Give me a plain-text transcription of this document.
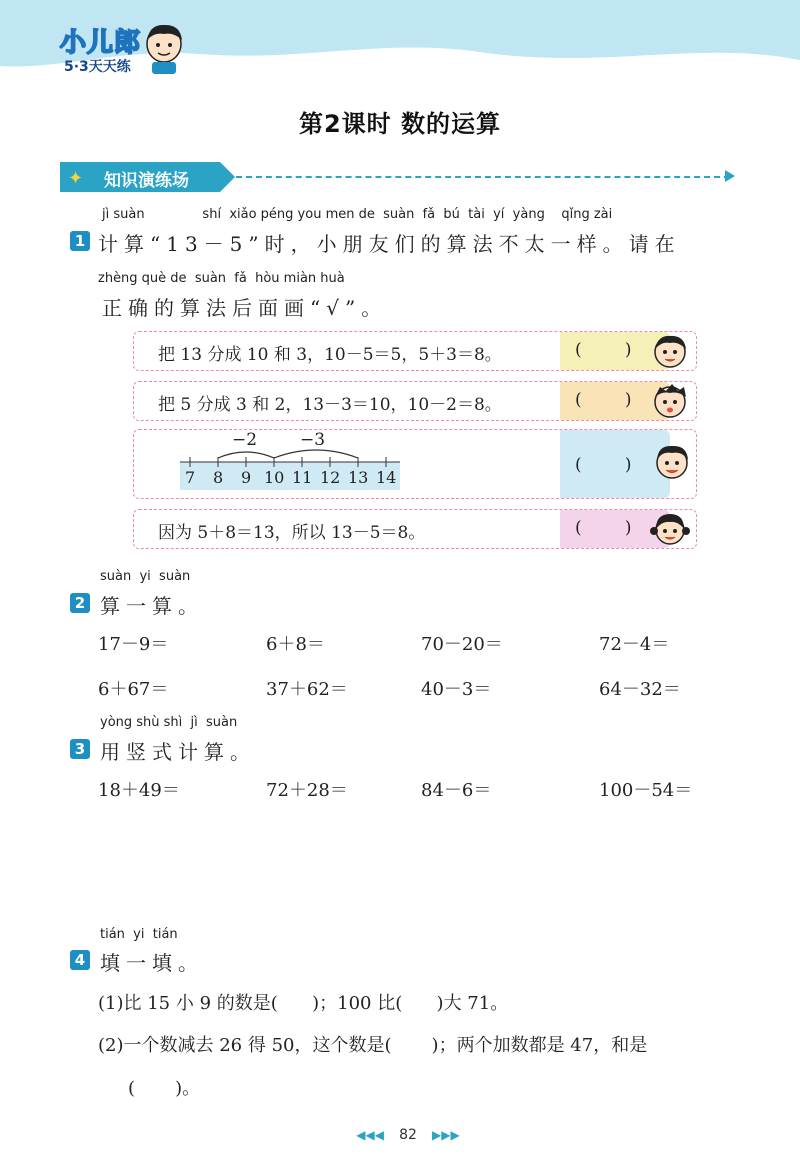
小儿郎
5·3天天练
第2课时 数的运算
✦ 知识演练场
jì suàn              shí  xiǎo péng you men de  suàn  fǎ  bú  tài  yí  yàng    qǐng zài
1 计算“13－5”时，小朋友们的算法不太一样。请在
zhèng què de  suàn  fǎ  hòu miàn huà
正确的算法后面画“√”。
把 13 分成 10 和 3，10－5＝5，5＋3＝8。	(        )
把 5 分成 3 和 2，13－3＝10，10－2＝8。	(        )
−2	−3
7 8 9 10 11 12 13 14
(        )
因为 5＋8＝13，所以 13－5＝8。	(        )
suàn  yi  suàn
2 算一算。
17－9＝	6＋8＝	70－20＝	72－4＝
6＋67＝	37＋62＝	40－3＝	64－32＝
yòng shù shì  jì  suàn
3 用竖式计算。
18＋49＝	72＋28＝	84－6＝	100－54＝
tián  yi  tián
4 填一填。
(1)比 15 小 9 的数是(      )；100 比(      )大 71。
(2)一个数减去 26 得 50，这个数是(       )；两个加数都是 47，和是
(       )。
◀◀◀ 82 ▶▶▶
